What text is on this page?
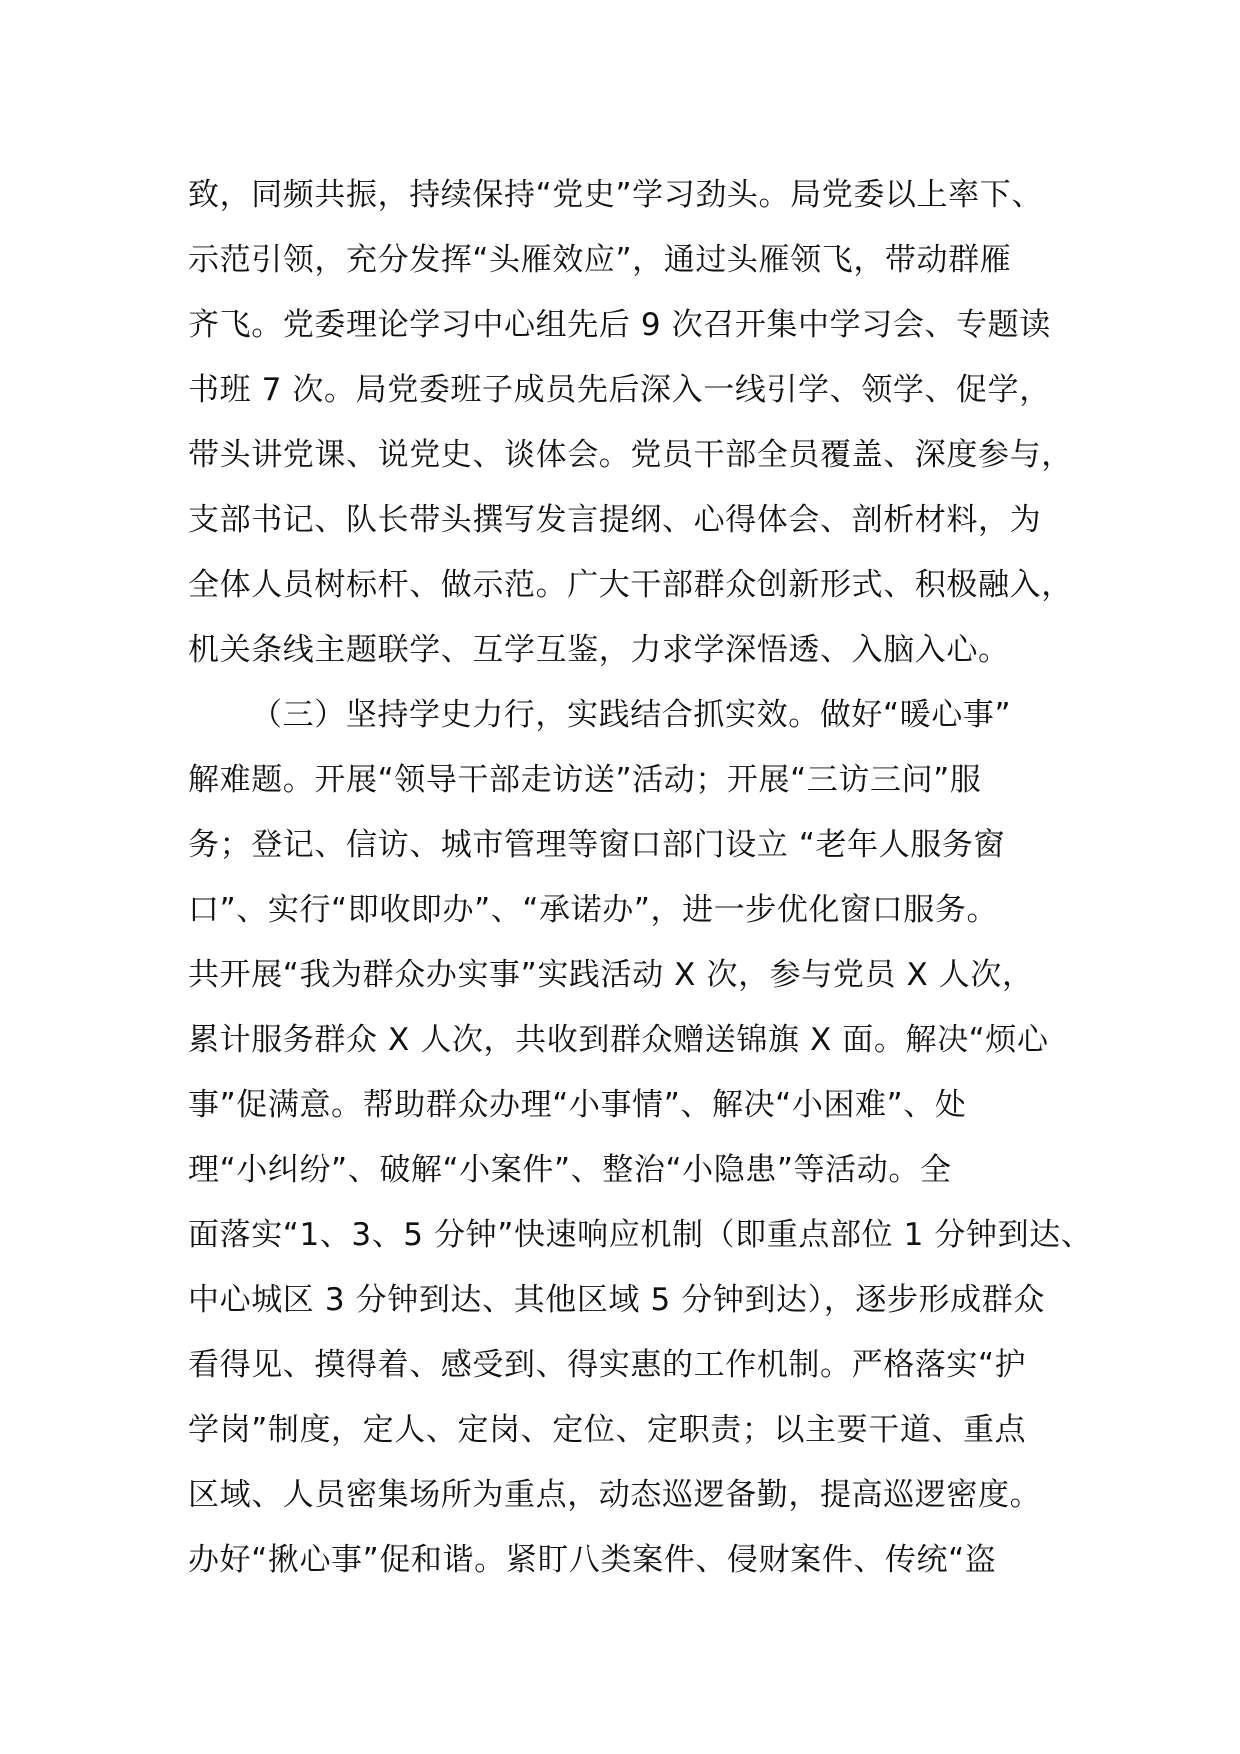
致，同频共振，持续保持“党史”学习劲头。局党委以上率下、
示范引领，充分发挥“头雁效应”，通过头雁领飞，带动群雁
齐飞。党委理论学习中心组先后 9 次召开集中学习会、专题读
书班 7 次。局党委班子成员先后深入一线引学、领学、促学，
带头讲党课、说党史、谈体会。党员干部全员覆盖、深度参与，
支部书记、队长带头撰写发言提纲、心得体会、剖析材料，为
全体人员树标杆、做示范。广大干部群众创新形式、积极融入，
机关条线主题联学、互学互鉴，力求学深悟透、入脑入心。
（三）坚持学史力行，实践结合抓实效。做好“暖心事”
解难题。开展“领导干部走访送”活动；开展“三访三问”服
务；登记、信访、城市管理等窗口部门设立 “老年人服务窗
口”、实行“即收即办”、“承诺办”，进一步优化窗口服务。
共开展“我为群众办实事”实践活动 X 次，参与党员 X 人次，
累计服务群众 X 人次，共收到群众赠送锦旗 X 面。解决“烦心
事”促满意。帮助群众办理“小事情”、解决“小困难”、处
理“小纠纷”、破解“小案件”、整治“小隐患”等活动。全
面落实“1、3、5 分钟”快速响应机制（即重点部位 1 分钟到达、
中心城区 3 分钟到达、其他区域 5 分钟到达），逐步形成群众
看得见、摸得着、感受到、得实惠的工作机制。严格落实“护
学岗”制度，定人、定岗、定位、定职责；以主要干道、重点
区域、人员密集场所为重点，动态巡逻备勤，提高巡逻密度。
办好“揪心事”促和谐。紧盯八类案件、侵财案件、传统“盗
